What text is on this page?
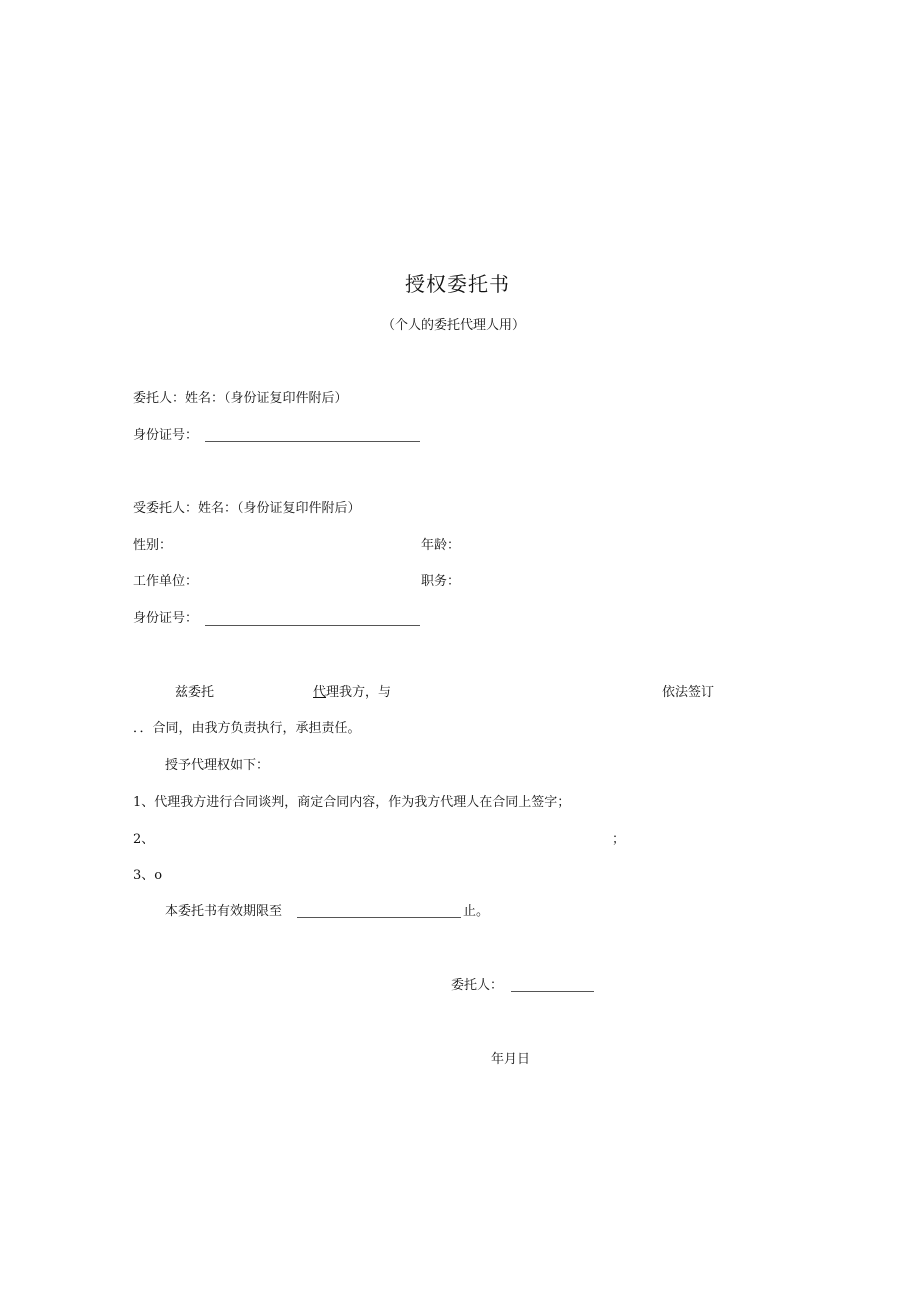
授权委托书
（个人的委托代理人用）
委托人：姓名：（身份证复印件附后）
身份证号：
受委托人：姓名：（身份证复印件附后）
性别：	年龄：
工作单位：	职务：
身份证号：
兹委托	代理我方，与	依法签订
．．合同，由我方负责执行，承担责任。
授予代理权如下：
1、代理我方进行合同谈判，商定合同内容，作为我方代理人在合同上签字；
2、	；
3、o
本委托书有效期限至	止。
委托人：
年月日
